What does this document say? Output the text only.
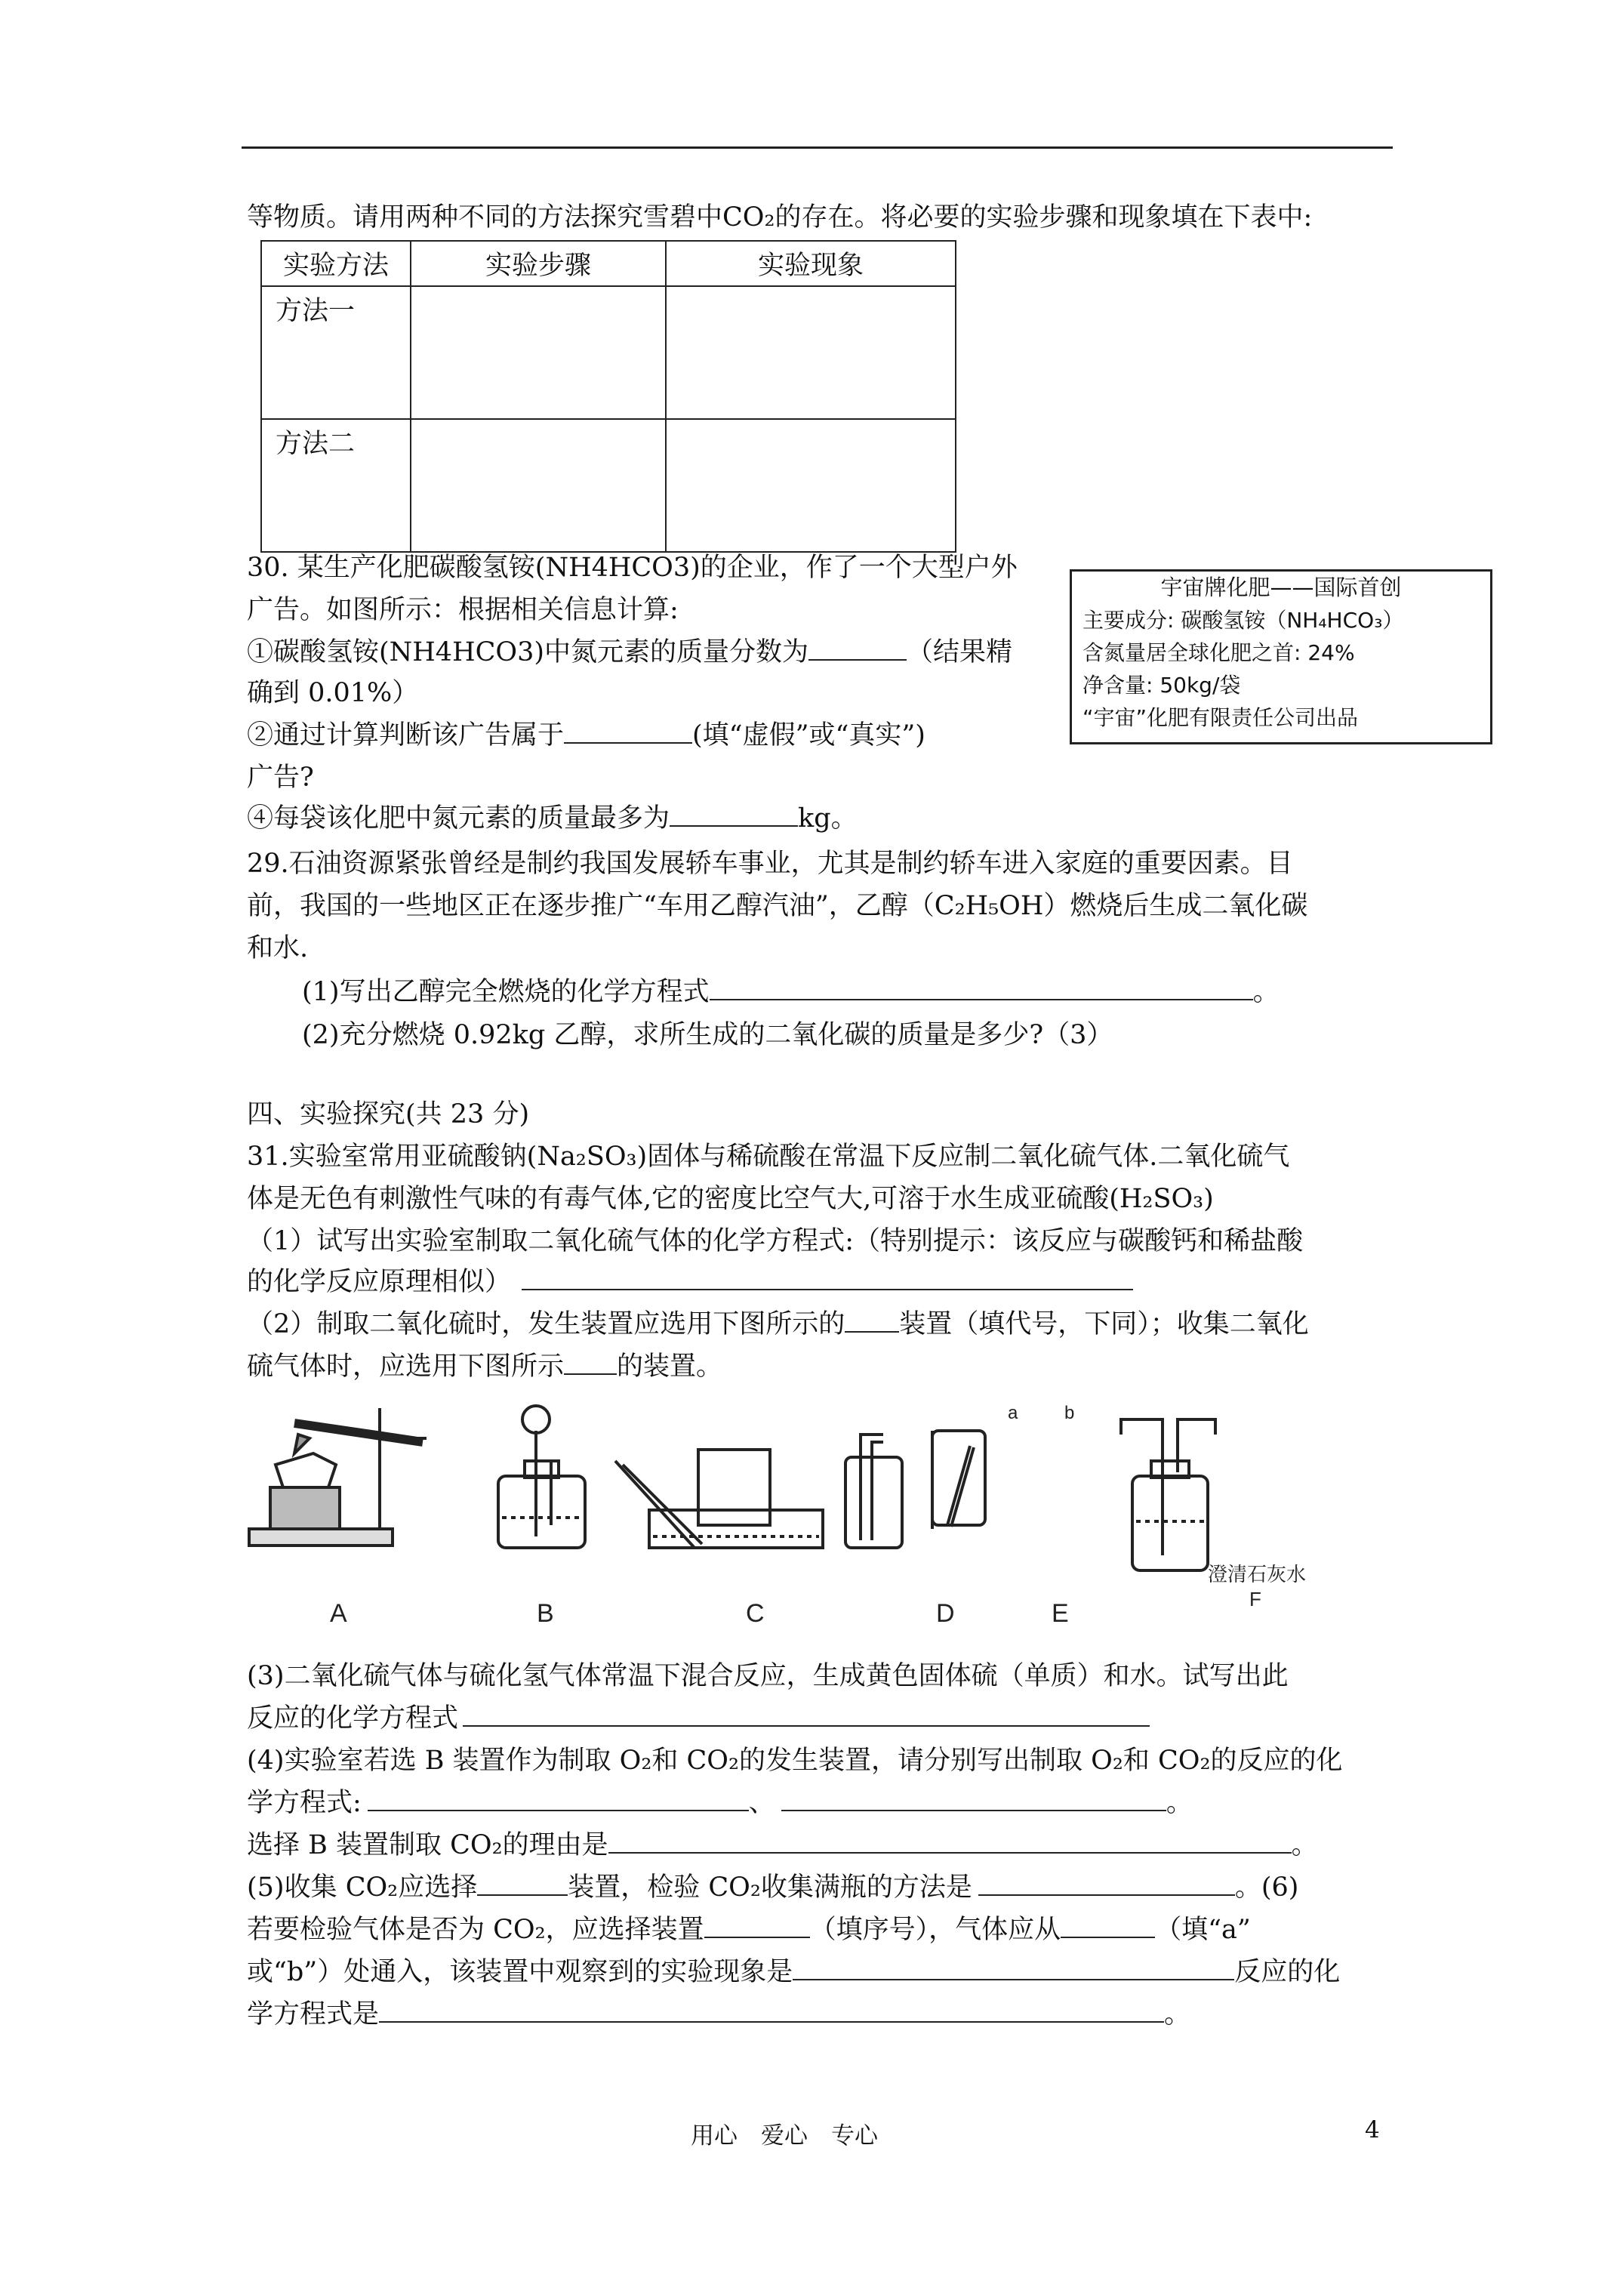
等物质。请用两种不同的方法探究雪碧中CO₂的存在。将必要的实验步骤和现象填在下表中:
实验方法	实验步骤	实验现象
方法一		
方法二		
30. 某生产化肥碳酸氢铵(NH4HCO3)的企业，作了一个大型户外
广告。如图所示：根据相关信息计算:
①碳酸氢铵(NH4HCO3)中氮元素的质量分数为	（结果精
确到 0.01%）
②通过计算判断该广告属于	(填“虚假”或“真实”)
广告?
④每袋该化肥中氮元素的质量最多为	kg。
宇宙牌化肥——国际首创
主要成分: 碳酸氢铵（NH₄HCO₃）
含氮量居全球化肥之首: 24%
净含量: 50kg/袋
“宇宙”化肥有限责任公司出品
29.石油资源紧张曾经是制约我国发展轿车事业，尤其是制约轿车进入家庭的重要因素。目
前，我国的一些地区正在逐步推广“车用乙醇汽油”，乙醇（C₂H₅OH）燃烧后生成二氧化碳
和水.
(1)写出乙醇完全燃烧的化学方程式	。
(2)充分燃烧 0.92kg 乙醇，求所生成的二氧化碳的质量是多少?（3）
四、实验探究(共 23 分)
31.实验室常用亚硫酸钠(Na₂SO₃)固体与稀硫酸在常温下反应制二氧化硫气体.二氧化硫气
体是无色有刺激性气味的有毒气体,它的密度比空气大,可溶于水生成亚硫酸(H₂SO₃)
（1）试写出实验室制取二氧化硫气体的化学方程式:（特别提示：该反应与碳酸钙和稀盐酸
的化学反应原理相似）
（2）制取二氧化硫时，发生装置应选用下图所示的 装置（填代号，下同）；收集二氧化
硫气体时，应选用下图所示 的装置。
a	b
澄清石灰水
A	B	C	D	E	F
(3)二氧化硫气体与硫化氢气体常温下混合反应，生成黄色固体硫（单质）和水。试写出此
反应的化学方程式
(4)实验室若选 B 装置作为制取 O₂和 CO₂的发生装置，请分别写出制取 O₂和 CO₂的反应的化
学方程式:	、	。
选择 B 装置制取 CO₂的理由是	。
(5)收集 CO₂应选择	装置，检验 CO₂收集满瓶的方法是	。(6)
若要检验气体是否为 CO₂，应选择装置	（填序号），气体应从	（填“a”
或“b”）处通入，该装置中观察到的实验现象是	反应的化
学方程式是	。
用心　爱心　专心	4
